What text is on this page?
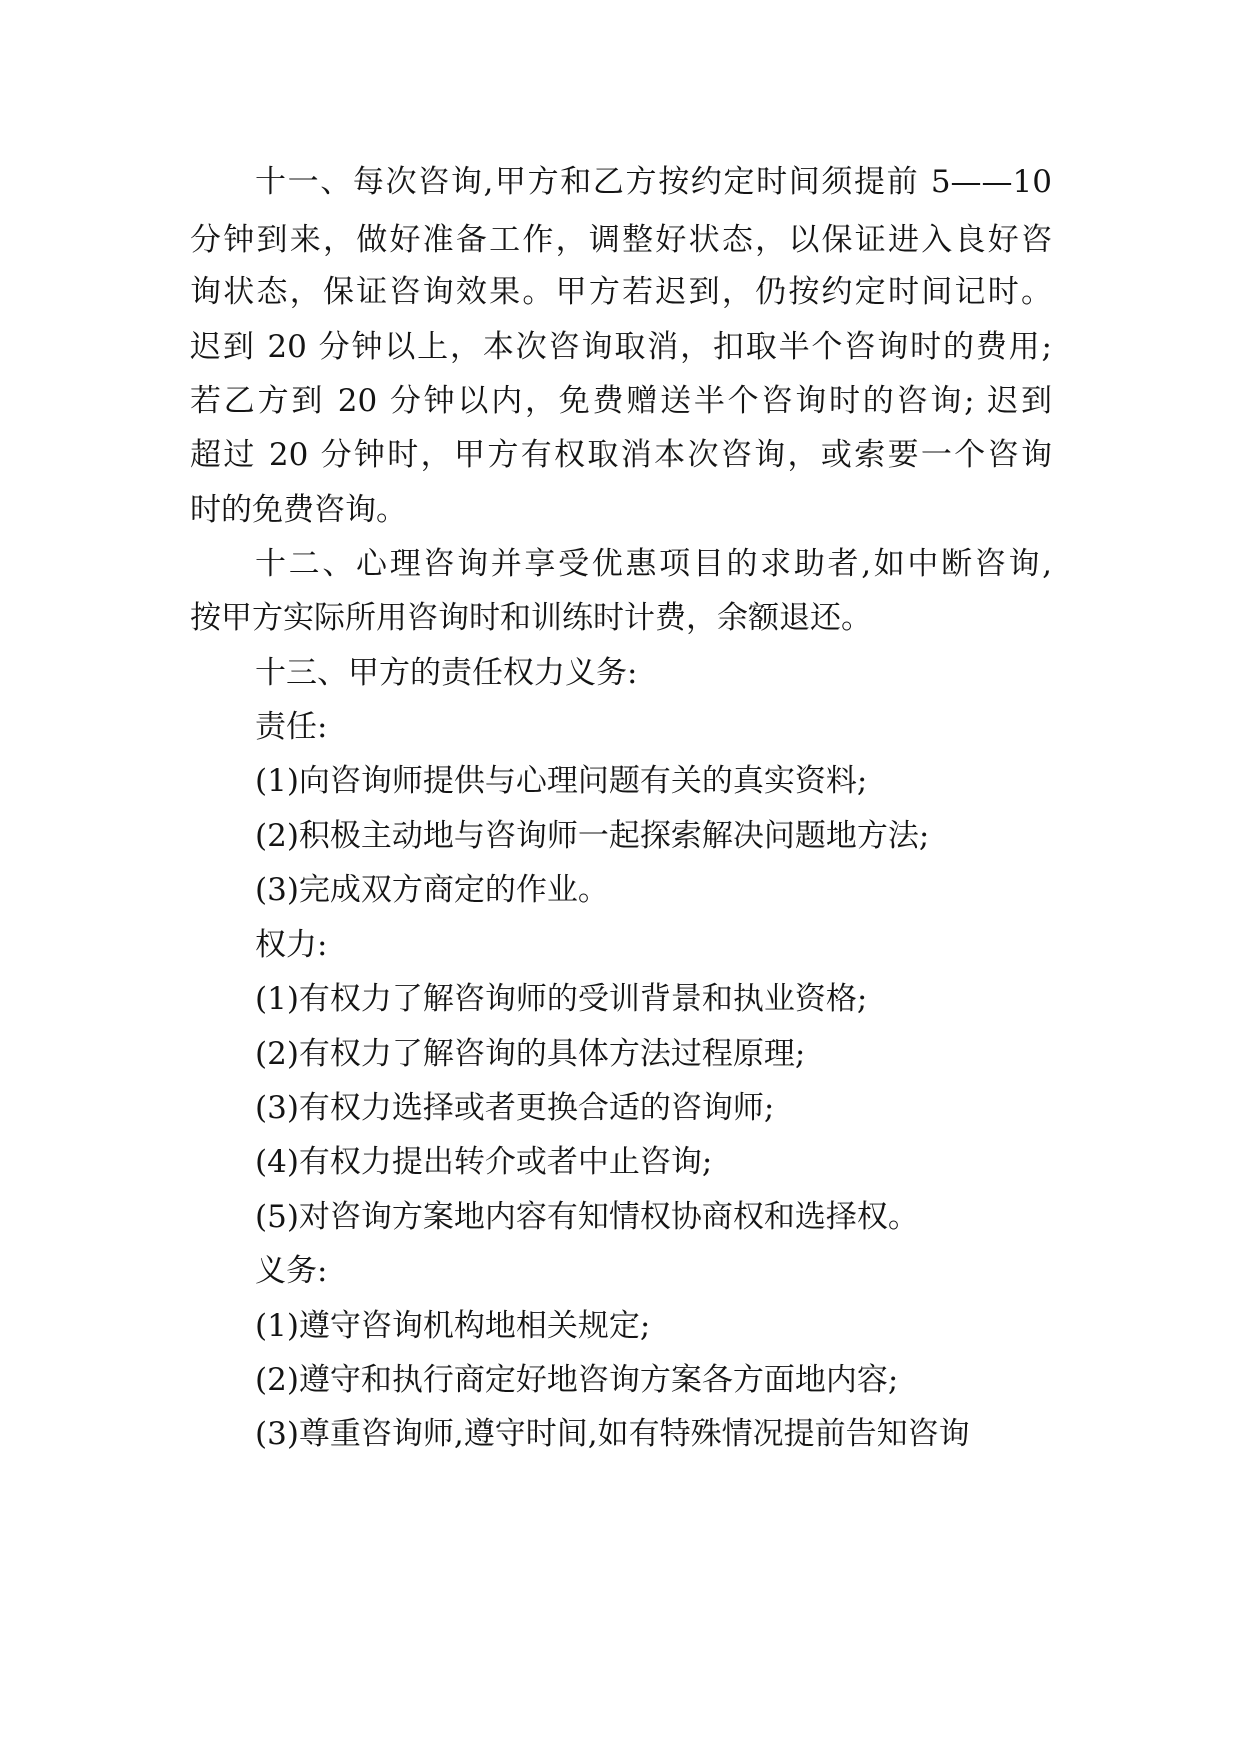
十一、每次咨询,甲方和乙方按约定时间须提前 5——10
分钟到来，做好准备工作，调整好状态，以保证进入良好咨
询状态，保证咨询效果。甲方若迟到，仍按约定时间记时。
迟到 20 分钟以上，本次咨询取消，扣取半个咨询时的费用;
若乙方到 20 分钟以内，免费赠送半个咨询时的咨询; 迟到
超过 20 分钟时，甲方有权取消本次咨询，或索要一个咨询
时的免费咨询。
十二、心理咨询并享受优惠项目的求助者,如中断咨询,
按甲方实际所用咨询时和训练时计费，余额退还。
十三、甲方的责任权力义务:
责任:
(1)向咨询师提供与心理问题有关的真实资料;
(2)积极主动地与咨询师一起探索解决问题地方法;
(3)完成双方商定的作业。
权力:
(1)有权力了解咨询师的受训背景和执业资格;
(2)有权力了解咨询的具体方法过程原理;
(3)有权力选择或者更换合适的咨询师;
(4)有权力提出转介或者中止咨询;
(5)对咨询方案地内容有知情权协商权和选择权。
义务:
(1)遵守咨询机构地相关规定;
(2)遵守和执行商定好地咨询方案各方面地内容;
(3)尊重咨询师,遵守时间,如有特殊情况提前告知咨询
